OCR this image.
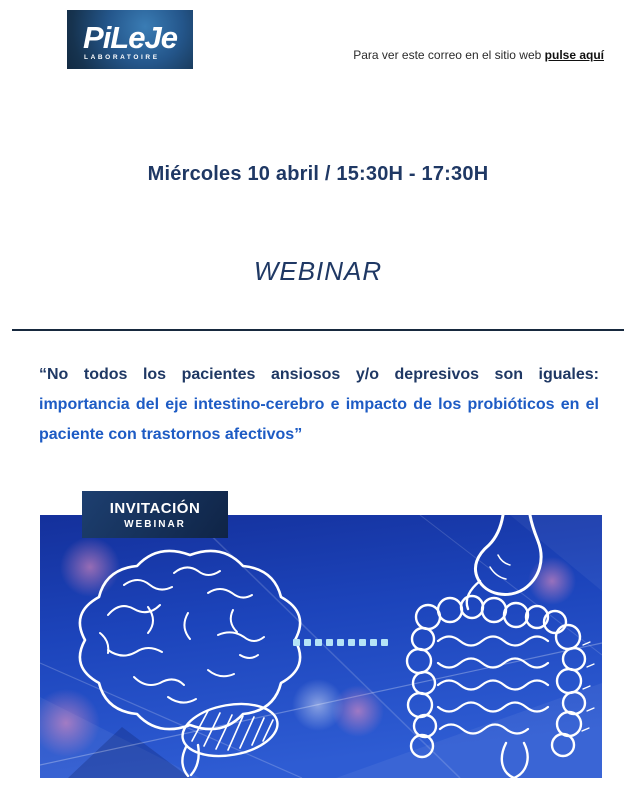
PiLeJe
LABORATOIRE	Para ver este correo en el sitio web pulse aquí
Miércoles 10 abril / 15:30H - 17:30H
WEBINAR

“No todos los pacientes ansiosos y/o depresivos son iguales: importancia del eje intestino-cerebro e impacto de los probióticos en el paciente con trastornos afectivos”

INVITACIÓN
WEBINAR
